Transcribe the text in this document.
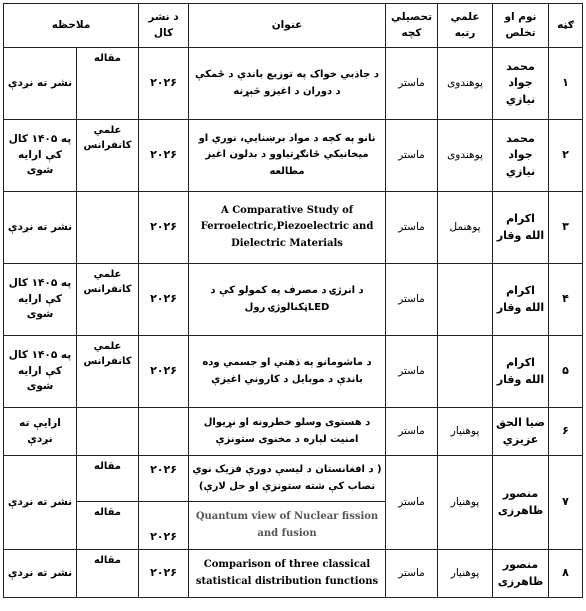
ګڼه	نوم او تخلص	علمي رتبه	تحصیلي کچه	عنوان	د نشر کال	ملاحظه	
۱	محمد جواد نیازي	پوهندوی	ماستر	د جاذبي خواک په توزیع باندې د ځمکې د دوران د اغیزو څېړنه	۲۰۲۶	مقاله	نشر ته نږدې
۲	محمد جواد نیازي	پوهندوی	ماستر	نانو په کچه د مواد برښنایي، نوري او میخانیکي ځانګړتیاوو د بدلون اغیز مطالعه	۲۰۲۶	علمي کانفرانس	په ۱۴۰۵ کال کې ارایه شوی
۳	اکرام الله وقار	پوهنمل	ماستر	A Comparative Study of Ferroelectric,Piezoelectric and Dielectric Materials	۲۰۲۶		نشر ته نږدې
۴	اکرام الله وقار		ماستر	د انرژۍ د مصرف په کمولو کې د LEDټکنالوژۍ رول	۲۰۲۶	علمي کانفرانس	په ۱۴۰۵ کال کې ارایه شوی
۵	اکرام الله وقار		ماستر	د ماشومانو په ذهني او جسمي وده باندې د موبایل د کاروني اغیزې	۲۰۲۶	علمي کانفرانس	په ۱۴۰۵ کال کې ارایه شوی
۶	ضیا الحق عزیزي	پوهنیار	ماستر	د هستوی وسلو خطرونه او نړیوال امنیت لپاره د مخنوی ستونزې			ارایې ته نږدې
۷	منصور ظاهرزی	پوهنیار	ماستر	( د افغانستان د لیسې دورې فزیک نوي نصاب کې شته ستونزې او حل لارې)	۲۰۲۶	مقاله	نشر ته نږدې
				Quantum view of Nuclear fission and fusion	۲۰۲۶	مقاله	
۸	منصور ظاهرزی	پوهنیار	ماستر	Comparison of three classical statistical distribution functions	۲۰۲۶	مقاله	نشر ته نږدې
